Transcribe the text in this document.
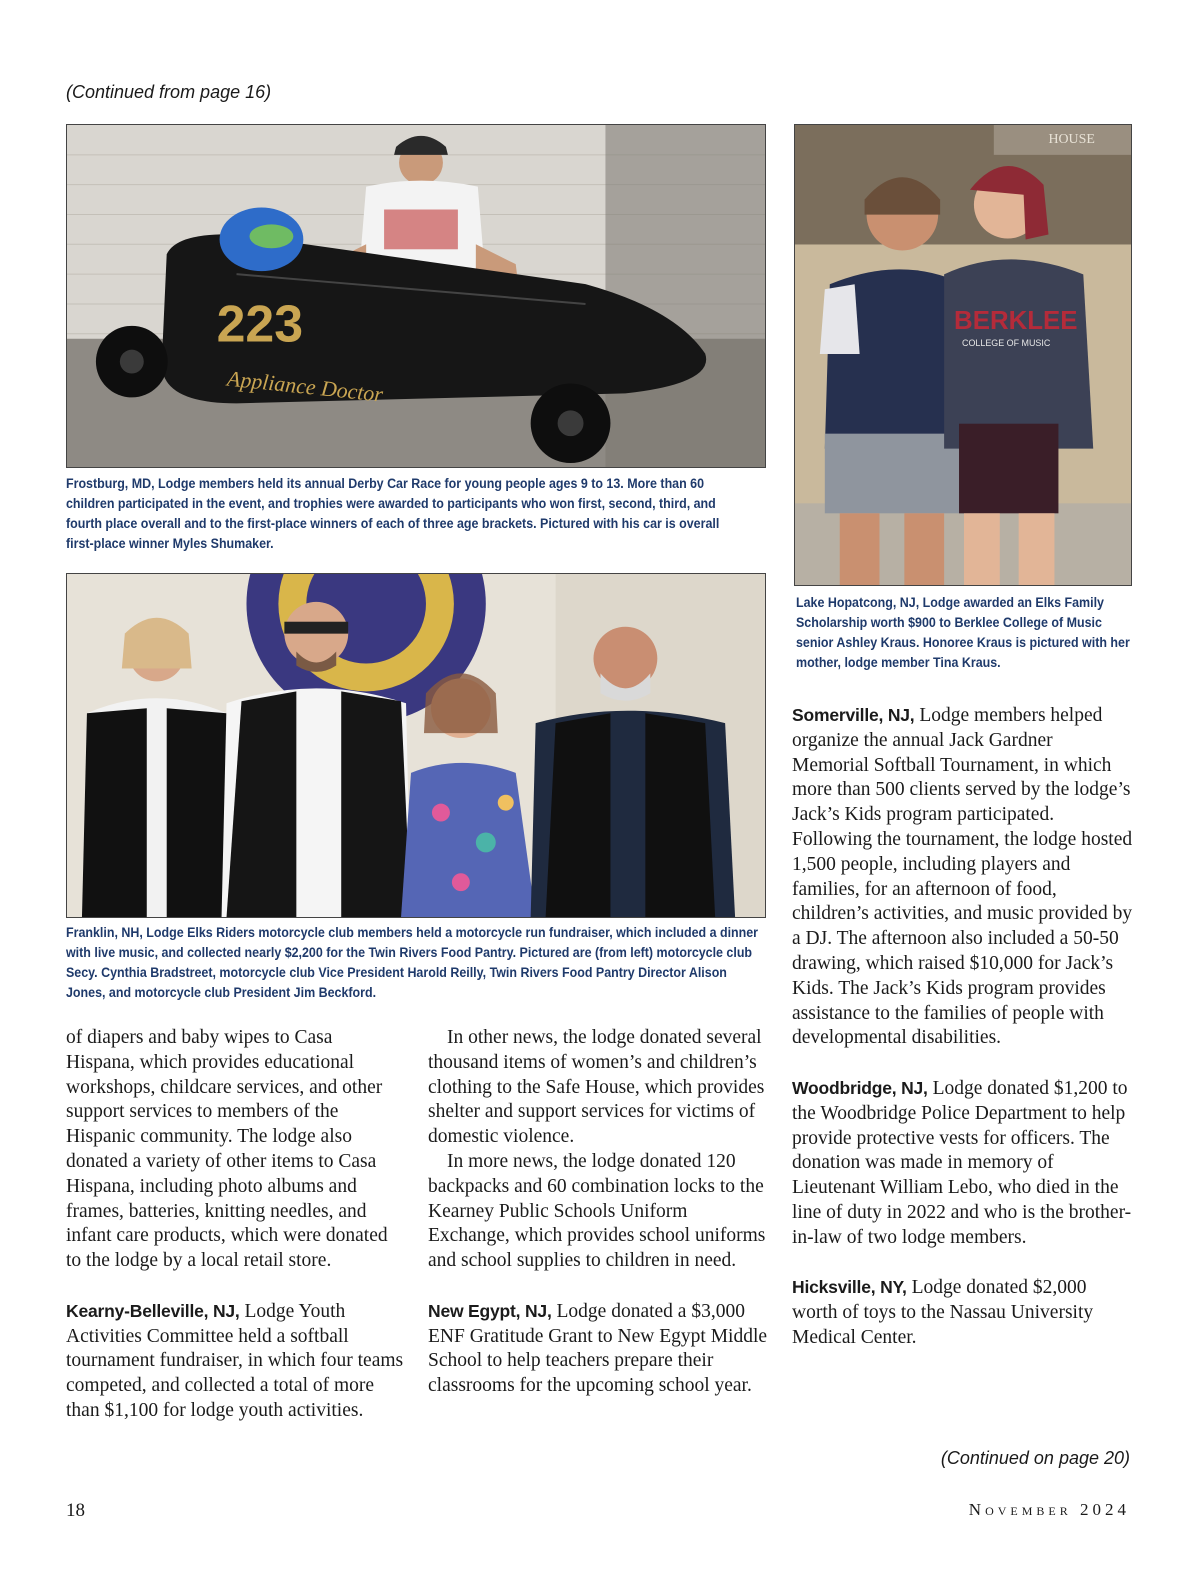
(Continued from page 16)
223
Appliance Doctor
Frostburg, MD, Lodge members held its annual Derby Car Race for young people ages 9 to 13. More than 60 children participated in the event, and trophies were awarded to participants who won first, second, third, and fourth place overall and to the first-place winners of each of three age brackets. Pictured with his car is overall first-place winner Myles Shumaker.
Franklin, NH, Lodge Elks Riders motorcycle club members held a motorcycle run fundraiser, which included a dinner with live music, and collected nearly $2,200 for the Twin Rivers Food Pantry. Pictured are (from left) motorcycle club Secy. Cynthia Bradstreet, motorcycle club Vice President Harold Reilly, Twin Rivers Food Pantry Director Alison Jones, and motorcycle club President Jim Beckford.
HOUSE
BERKLEE
COLLEGE OF MUSIC
Lake Hopatcong, NJ, Lodge awarded an Elks Family Scholarship worth $900 to Berklee College of Music senior Ashley Kraus. Honoree Kraus is pictured with her mother, lodge member Tina Kraus.

of diapers and baby wipes to Casa Hispana, which provides educational workshops, childcare services, and other support services to members of the Hispanic community. The lodge also donated a variety of other items to Casa Hispana, including photo albums and frames, batteries, knitting needles, and infant care products, which were donated to the lodge by a local retail store.

Kearny-Belleville, NJ, Lodge Youth Activities Committee held a softball tournament fundraiser, in which four teams competed, and collected a total of more than $1,100 for lodge youth activities.

In other news, the lodge donated several thousand items of women’s and children’s clothing to the Safe House, which provides shelter and support services for victims of domestic violence.

In more news, the lodge donated 120 backpacks and 60 combination locks to the Kearney Public Schools Uniform Exchange, which provides school uniforms and school supplies to children in need.

New Egypt, NJ, Lodge donated a $3,000 ENF Gratitude Grant to New Egypt Middle School to help teachers prepare their classrooms for the upcoming school year.

Somerville, NJ, Lodge members helped organize the annual Jack Gardner Memorial Softball Tournament, in which more than 500 clients served by the lodge’s Jack’s Kids program participated. Following the tournament, the lodge hosted 1,500 people, including players and families, for an afternoon of food, children’s activities, and music provided by a DJ. The afternoon also included a 50-50 drawing, which raised $10,000 for Jack’s Kids. The Jack’s Kids program provides assistance to the families of people with developmental disabilities.

Woodbridge, NJ, Lodge donated $1,200 to the Woodbridge Police Department to help provide protective vests for officers. The donation was made in memory of Lieutenant William Lebo, who died in the line of duty in 2022 and who is the brother-in-law of two lodge members.

Hicksville, NY, Lodge donated $2,000 worth of toys to the Nassau University Medical Center.

(Continued on page 20)
18	November 2024
